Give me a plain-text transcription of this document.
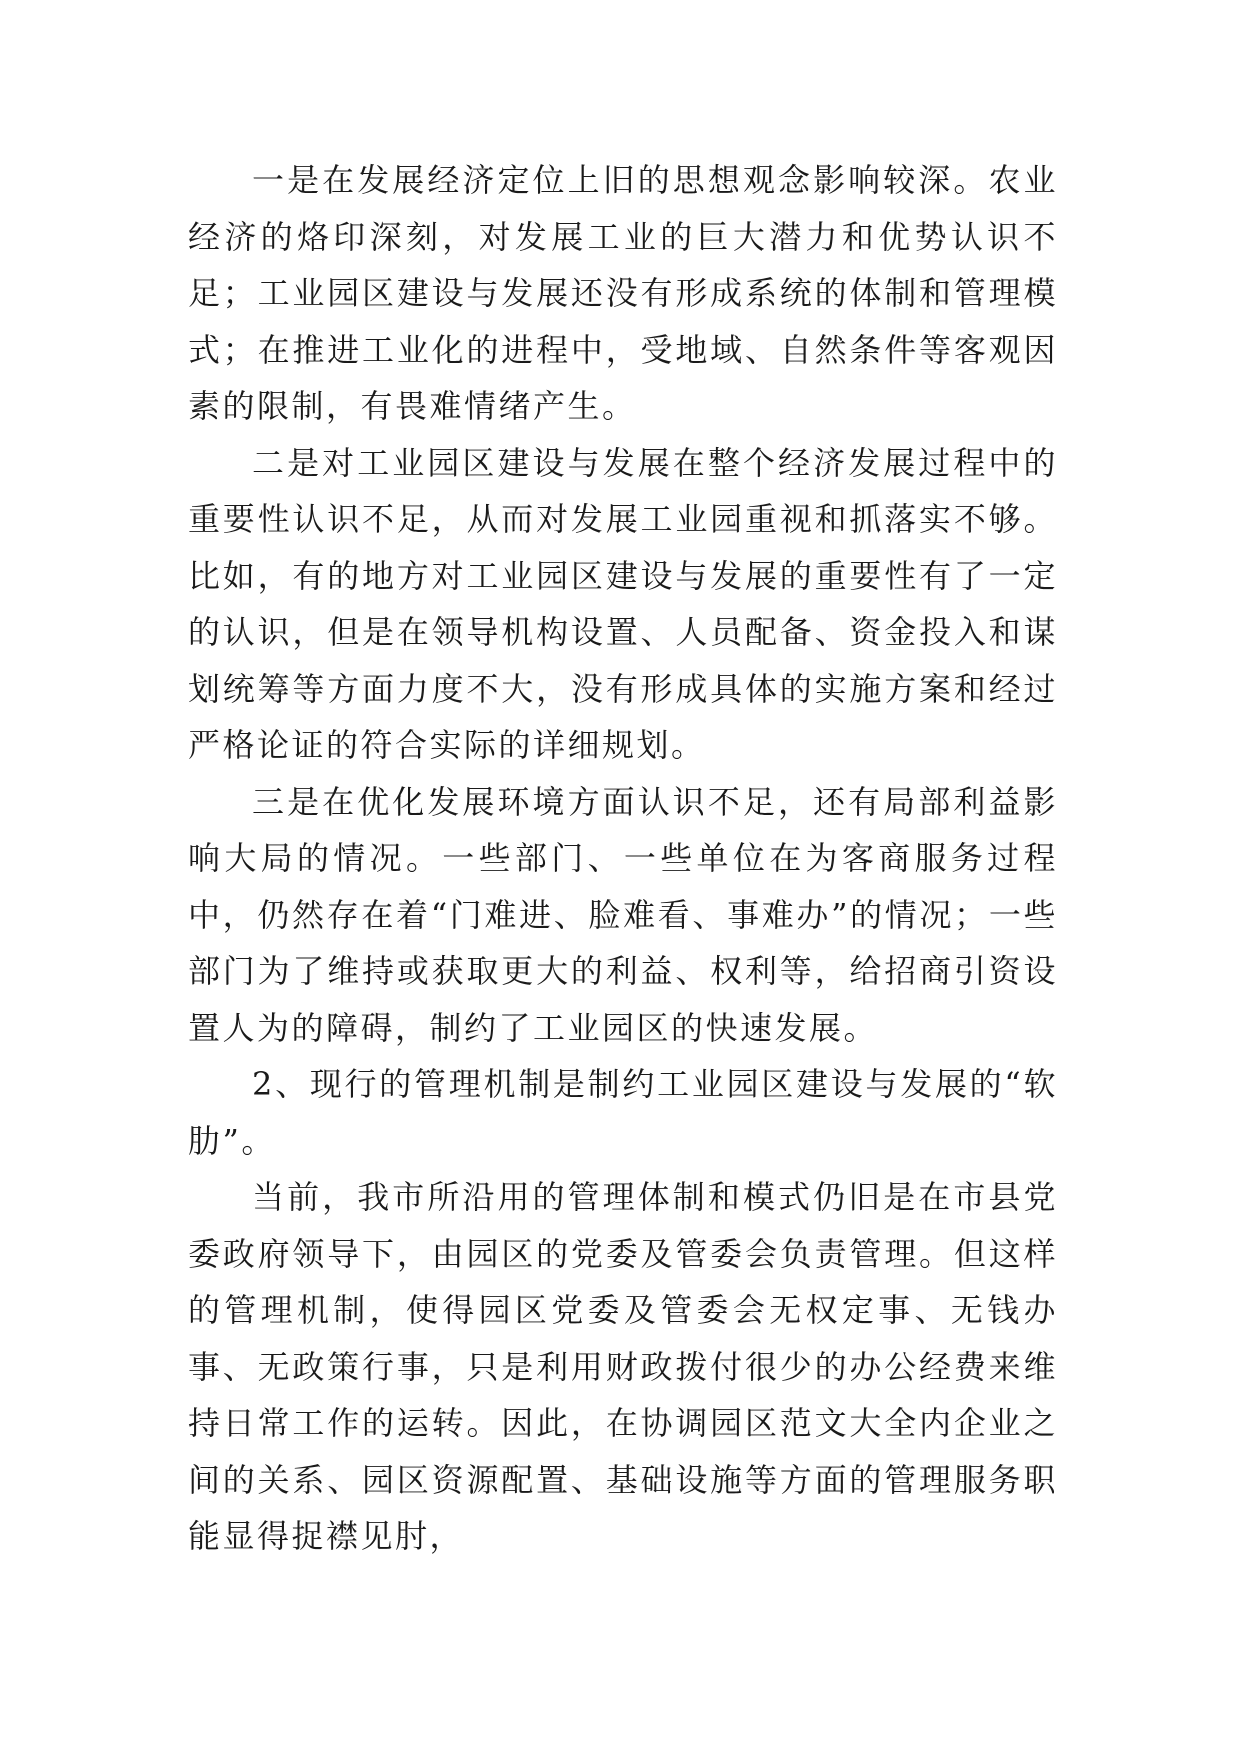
一是在发展经济定位上旧的思想观念影响较深。农业经济的烙印深刻，对发展工业的巨大潜力和优势认识不足；工业园区建设与发展还没有形成系统的体制和管理模式；在推进工业化的进程中，受地域、自然条件等客观因素的限制，有畏难情绪产生。

二是对工业园区建设与发展在整个经济发展过程中的重要性认识不足，从而对发展工业园重视和抓落实不够。比如，有的地方对工业园区建设与发展的重要性有了一定的认识，但是在领导机构设置、人员配备、资金投入和谋划统筹等方面力度不大，没有形成具体的实施方案和经过严格论证的符合实际的详细规划。

三是在优化发展环境方面认识不足，还有局部利益影响大局的情况。一些部门、一些单位在为客商服务过程中，仍然存在着“门难进、脸难看、事难办”的情况；一些部门为了维持或获取更大的利益、权利等，给招商引资设置人为的障碍，制约了工业园区的快速发展。

2、现行的管理机制是制约工业园区建设与发展的“软肋”。

当前，我市所沿用的管理体制和模式仍旧是在市县党委政府领导下，由园区的党委及管委会负责管理。但这样的管理机制，使得园区党委及管委会无权定事、无钱办事、无政策行事，只是利用财政拨付很少的办公经费来维持日常工作的运转。因此，在协调园区范文大全内企业之间的关系、园区资源配置、基础设施等方面的管理服务职能显得捉襟见肘，
